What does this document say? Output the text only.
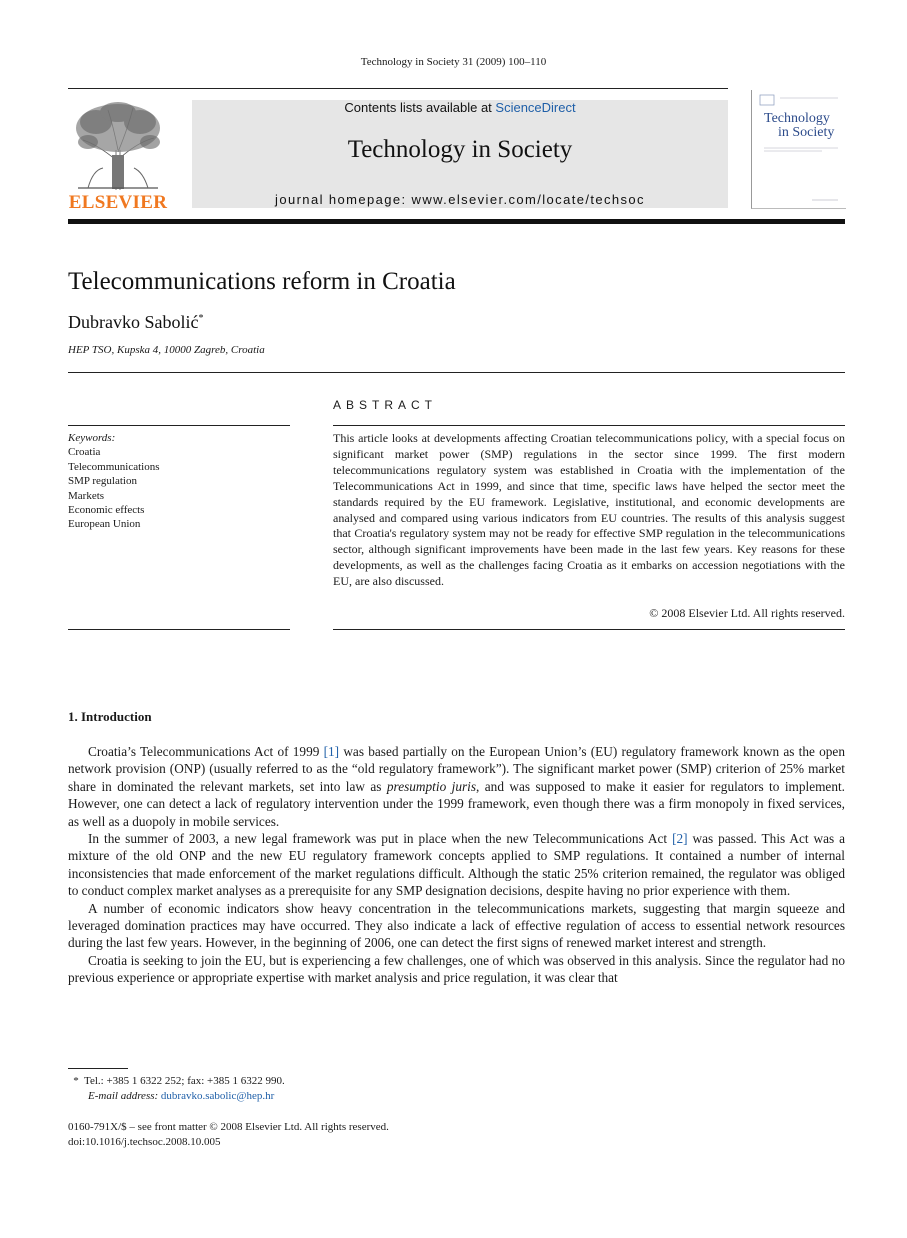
Technology in Society 31 (2009) 100–110
ELSEVIER
Contents lists available at ScienceDirect
Technology in Society
journal homepage: www.elsevier.com/locate/techsoc
Technology
in Society
Telecommunications reform in Croatia
Dubravko Sabolić*
HEP TSO, Kupska 4, 10000 Zagreb, Croatia
ABSTRACT
Keywords:
Croatia
Telecommunications
SMP regulation
Markets
Economic effects
European Union
This article looks at developments affecting Croatian telecommunications policy, with a special focus on significant market power (SMP) regulations in the sector since 1999. The first modern telecommunications regulatory system was established in Croatia with the implementation of the Telecommunications Act in 1999, and since that time, specific laws have helped the sector meet the standards required by the EU framework. Legislative, institutional, and economic developments are analysed and compared using various indicators from EU countries. The results of this analysis suggest that Croatia's regulatory system may not be ready for effective SMP regulation in the telecommunications sector, although significant improvements have been made in the last few years. Key reasons for these developments, as well as the challenges facing Croatia as it embarks on accession negotiations with the EU, are also discussed.
© 2008 Elsevier Ltd. All rights reserved.
1. Introduction

Croatia’s Telecommunications Act of 1999 [1] was based partially on the European Union’s (EU) regulatory framework known as the open network provision (ONP) (usually referred to as the “old regulatory framework”). The significant market power (SMP) criterion of 25% market share in dominated the relevant markets, set into law as presumptio juris, and was supposed to make it easier for regulators to implement. However, one can detect a lack of regulatory intervention under the 1999 framework, even though there was a firm monopoly in fixed services, as well as a duopoly in mobile services.

In the summer of 2003, a new legal framework was put in place when the new Telecommunications Act [2] was passed. This Act was a mixture of the old ONP and the new EU regulatory framework concepts applied to SMP regulations. It contained a number of internal inconsistencies that made enforcement of the market regulations difficult. Although the static 25% criterion remained, the regulator was obliged to conduct complex market analyses as a prerequisite for any SMP designation decisions, despite having no prior experience with them.

A number of economic indicators show heavy concentration in the telecommunications markets, suggesting that margin squeeze and leveraged domination practices may have occurred. They also indicate a lack of effective regulation of access to essential network resources during the last few years. However, in the beginning of 2006, one can detect the first signs of renewed market interest and strength.

Croatia is seeking to join the EU, but is experiencing a few challenges, one of which was observed in this analysis. Since the regulator had no previous experience or appropriate expertise with market analysis and price regulation, it was clear that

* Tel.: +385 1 6322 252; fax: +385 1 6322 990.
E-mail address: dubravko.sabolic@hep.hr
0160-791X/$ – see front matter © 2008 Elsevier Ltd. All rights reserved.
doi:10.1016/j.techsoc.2008.10.005
